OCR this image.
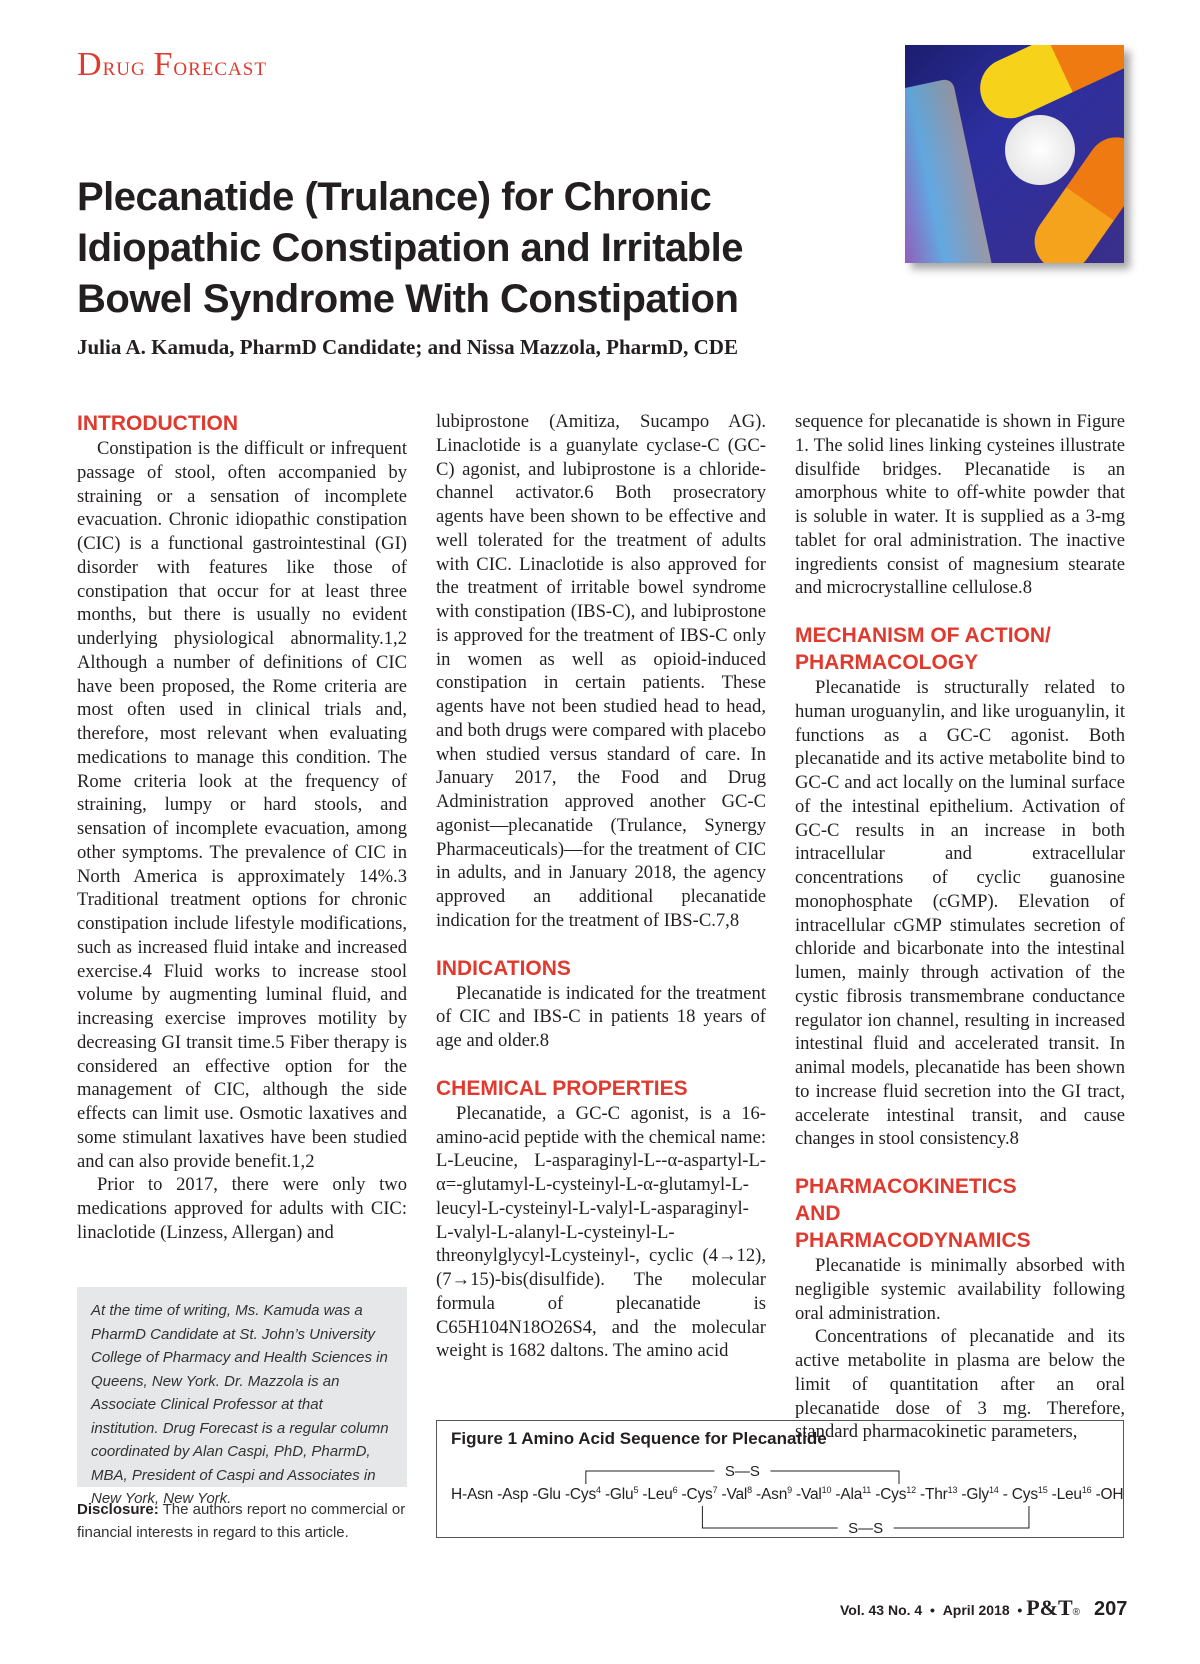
Drug Forecast
Plecanatide (Trulance) for Chronic Idiopathic Constipation and Irritable Bowel Syndrome With Constipation
Julia A. Kamuda, PharmD Candidate; and Nissa Mazzola, PharmD, CDE
INTRODUCTION

Constipation is the difficult or infrequent passage of stool, often accompanied by straining or a sensation of incomplete evacuation. Chronic idiopathic constipation (CIC) is a functional gastrointestinal (GI) disorder with features like those of constipation that occur for at least three months, but there is usually no evident underlying physiological abnormality.1,2 Although a number of definitions of CIC have been proposed, the Rome criteria are most often used in clinical trials and, therefore, most relevant when evaluating medications to manage this condition. The Rome criteria look at the frequency of straining, lumpy or hard stools, and sensation of incomplete evacuation, among other symptoms. The prevalence of CIC in North America is approximately 14%.3 Traditional treatment options for chronic constipation include lifestyle modifications, such as increased fluid intake and increased exercise.4 Fluid works to increase stool volume by augmenting luminal fluid, and increasing exercise improves motility by decreasing GI transit time.5 Fiber therapy is considered an effective option for the management of CIC, although the side effects can limit use. Osmotic laxatives and some stimulant laxatives have been studied and can also provide benefit.1,2

Prior to 2017, there were only two medications approved for adults with CIC: linaclotide (Linzess, Allergan) and

lubiprostone (Amitiza, Sucampo AG). Linaclotide is a guanylate cyclase-C (GC-C) agonist, and lubiprostone is a chloride-channel activator.6 Both prosecratory agents have been shown to be effective and well tolerated for the treatment of adults with CIC. Linaclotide is also approved for the treatment of irritable bowel syndrome with constipation (IBS-C), and lubiprostone is approved for the treatment of IBS-C only in women as well as opioid-induced constipation in certain patients. These agents have not been studied head to head, and both drugs were compared with placebo when studied versus standard of care. In January 2017, the Food and Drug Administration approved another GC-C agonist—plecanatide (Trulance, Synergy Pharmaceuticals)—for the treatment of CIC in adults, and in January 2018, the agency approved an additional plecanatide indication for the treatment of IBS-C.7,8

INDICATIONS

Plecanatide is indicated for the treatment of CIC and IBS-C in patients 18 years of age and older.8

CHEMICAL PROPERTIES

Plecanatide, a GC-C agonist, is a 16-amino-acid peptide with the chemical name: L-Leucine, L-asparaginyl-L--α-aspartyl-L-α=-glutamyl-L-cysteinyl-L-α-glutamyl-L-leucyl-L-cysteinyl-L-valyl-L-asparaginyl-L-valyl-L-alanyl-L-cysteinyl-L-threonylglycyl-Lcysteinyl-, cyclic (4→12),(7→15)-bis(disulfide). The molecular formula of plecanatide is C65H104N18O26S4, and the molecular weight is 1682 daltons. The amino acid

sequence for plecanatide is shown in Figure 1. The solid lines linking cysteines illustrate disulfide bridges. Plecanatide is an amorphous white to off-white powder that is soluble in water. It is supplied as a 3-mg tablet for oral administration. The inactive ingredients consist of magnesium stearate and microcrystalline cellulose.8

MECHANISM OF ACTION/ PHARMACOLOGY

Plecanatide is structurally related to human uroguanylin, and like uroguanylin, it functions as a GC-C agonist. Both plecanatide and its active metabolite bind to GC-C and act locally on the luminal surface of the intestinal epithelium. Activation of GC-C results in an increase in both intracellular and extracellular concentrations of cyclic guanosine monophosphate (cGMP). Elevation of intracellular cGMP stimulates secretion of chloride and bicarbonate into the intestinal lumen, mainly through activation of the cystic fibrosis transmembrane conductance regulator ion channel, resulting in increased intestinal fluid and accelerated transit. In animal models, plecanatide has been shown to increase fluid secretion into the GI tract, accelerate intestinal transit, and cause changes in stool consistency.8

PHARMACOKINETICS AND PHARMACODYNAMICS

Plecanatide is minimally absorbed with negligible systemic availability following oral administration.

Concentrations of plecanatide and its active metabolite in plasma are below the limit of quantitation after an oral plecanatide dose of 3 mg. Therefore, standard pharmacokinetic parameters,

At the time of writing, Ms. Kamuda was a PharmD Candidate at St. John’s University College of Pharmacy and Health Sciences in Queens, New York. Dr. Mazzola is an Associate Clinical Professor at that institution. Drug Forecast is a regular column coordinated by Alan Caspi, PhD, PharmD, MBA, President of Caspi and Associates in New York, New York.
Disclosure: The authors report no commercial or financial interests in regard to this article.
Figure 1 Amino Acid Sequence for Plecanatide
S—S
S—S
H-Asn -Asp -Glu -Cys$^4$ -Glu$^5$ -Leu$^6$ -Cys$^7$ -Val$^8$ -Asn$^9$ -Val$^{10}$ -Ala$^{11}$ -Cys$^{12}$ -Thr$^{13}$ -Gly$^{14}$ - Cys$^{15}$ -Leu$^{16}$ -OH
Vol. 43 No. 4 • April 2018 • P&T® 207
